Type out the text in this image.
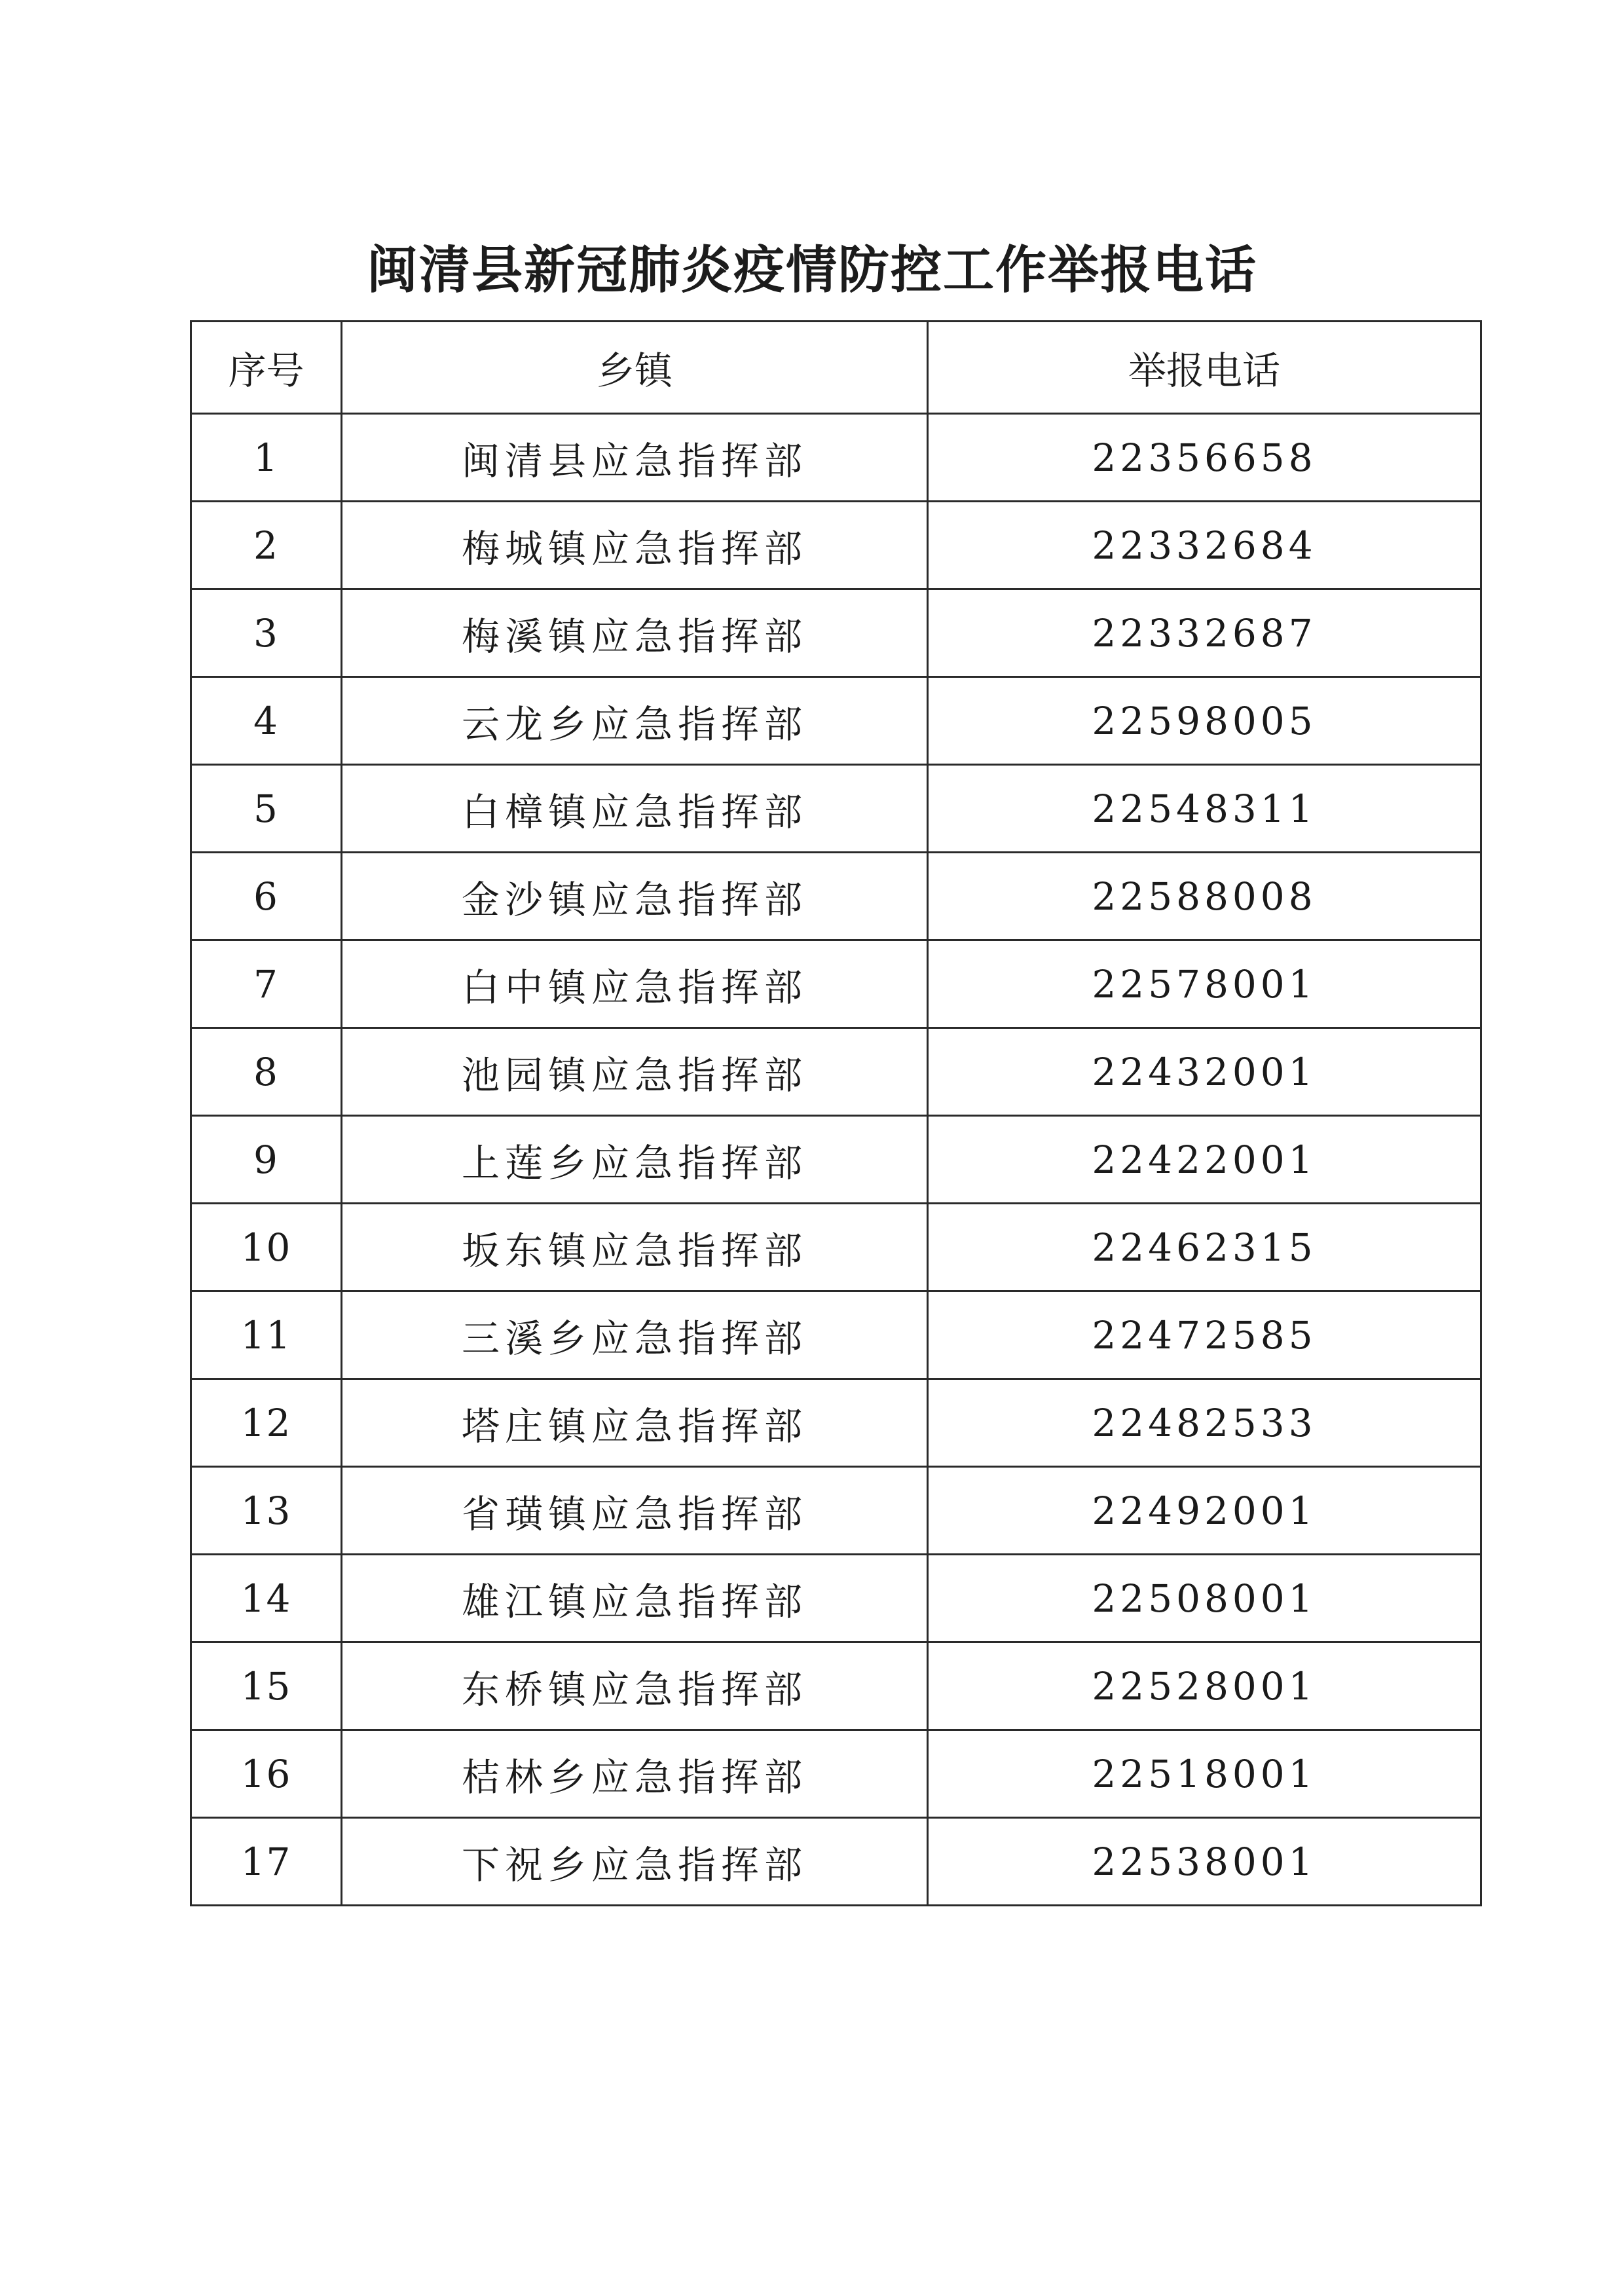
闽清县新冠肺炎疫情防控工作举报电话
序号	乡镇	举报电话
1	闽清县应急指挥部	22356658
2	梅城镇应急指挥部	22332684
3	梅溪镇应急指挥部	22332687
4	云龙乡应急指挥部	22598005
5	白樟镇应急指挥部	22548311
6	金沙镇应急指挥部	22588008
7	白中镇应急指挥部	22578001
8	池园镇应急指挥部	22432001
9	上莲乡应急指挥部	22422001
10	坂东镇应急指挥部	22462315
11	三溪乡应急指挥部	22472585
12	塔庄镇应急指挥部	22482533
13	省璜镇应急指挥部	22492001
14	雄江镇应急指挥部	22508001
15	东桥镇应急指挥部	22528001
16	桔林乡应急指挥部	22518001
17	下祝乡应急指挥部	22538001
